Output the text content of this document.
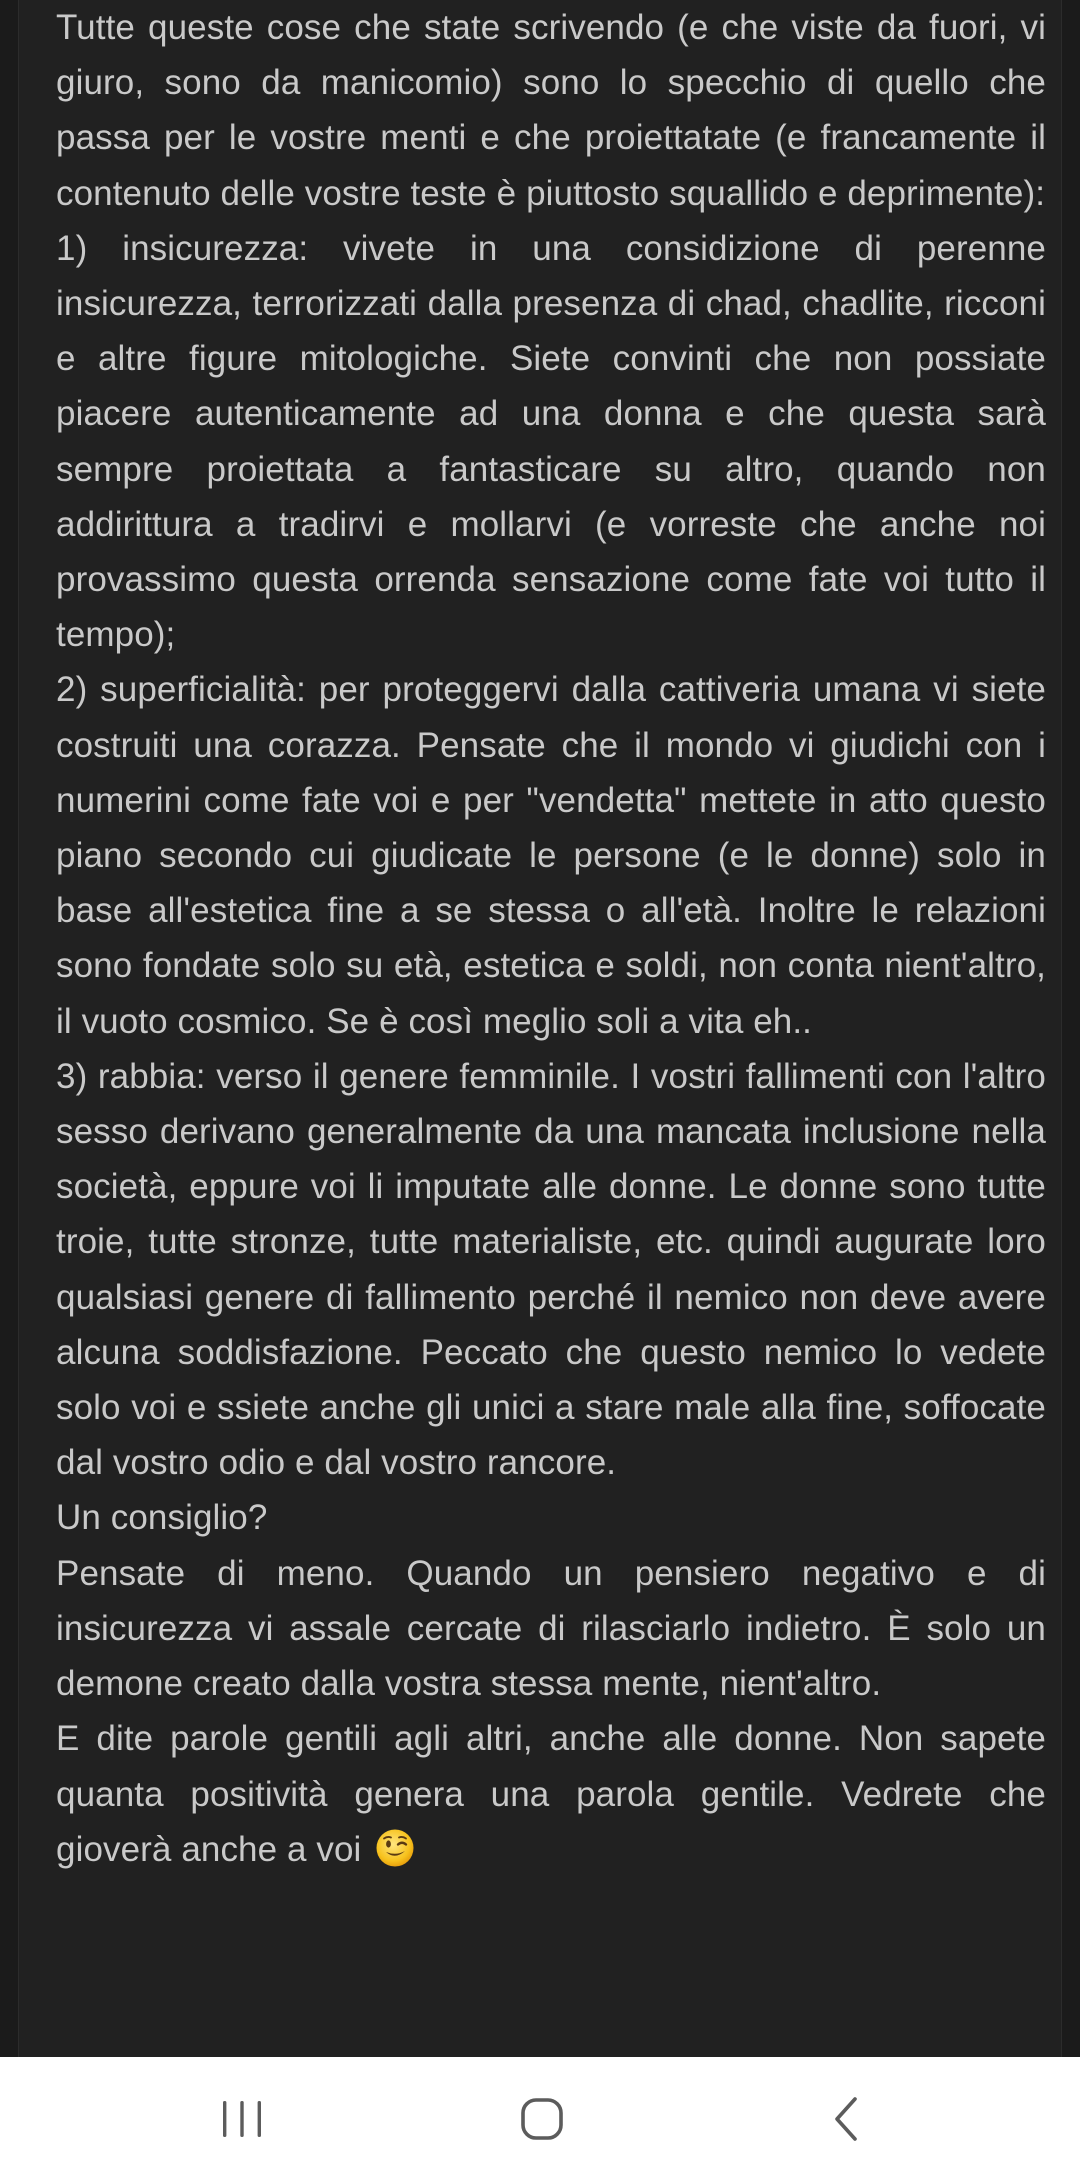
Tutte queste cose che state scrivendo (e che viste da fuori, vi giuro, sono da manicomio) sono lo specchio di quello che passa per le vostre menti e che proiettatate (e francamente il contenuto delle vostre teste è piuttosto squallido e deprimente):

1) insicurezza: vivete in una considizione di perenne insicurezza, terrorizzati dalla presenza di chad, chadlite, ricconi e altre figure mitologiche. Siete convinti che non possiate piacere autenticamente ad una donna e che questa sarà sempre proiettata a fantasticare su altro, quando non addirittura a tradirvi e mollarvi (e vorreste che anche noi provassimo questa orrenda sensazione come fate voi tutto il tempo);

2) superficialità: per proteggervi dalla cattiveria umana vi siete costruiti una corazza. Pensate che il mondo vi giudichi con i numerini come fate voi e per "vendetta" mettete in atto questo piano secondo cui giudicate le persone (e le donne) solo in base all'estetica fine a se stessa o all'età. Inoltre le relazioni sono fondate solo su età, estetica e soldi, non conta nient'altro, il vuoto cosmico. Se è così meglio soli a vita eh..

3) rabbia: verso il genere femminile. I vostri fallimenti con l'altro sesso derivano generalmente da una mancata inclusione nella società, eppure voi li imputate alle donne. Le donne sono tutte troie, tutte stronze, tutte materialiste, etc. quindi augurate loro qualsiasi genere di fallimento perché il nemico non deve avere alcuna soddisfazione. Peccato che questo nemico lo vedete solo voi e ssiete anche gli unici a stare male alla fine, soffocate dal vostro odio e dal vostro rancore.

Un consiglio?

Pensate di meno. Quando un pensiero negativo e di insicurezza vi assale cercate di rilasciarlo indietro. È solo un demone creato dalla vostra stessa mente, nient'altro.

E dite parole gentili agli altri, anche alle donne. Non sapete quanta positività genera una parola gentile. Vedrete che gioverà anche a voi
